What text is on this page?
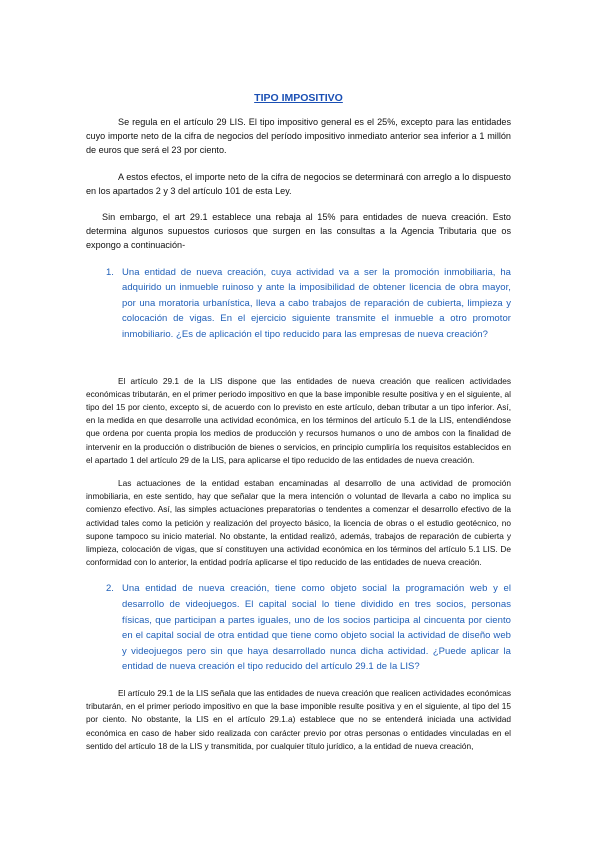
TIPO IMPOSITIVO

Se regula en el artículo 29 LIS. El tipo impositivo general es el 25%, excepto para las entidades cuyo importe neto de la cifra de negocios del período impositivo inmediato anterior sea inferior a 1 millón de euros que será el 23 por ciento.

A estos efectos, el importe neto de la cifra de negocios se determinará con arreglo a lo dispuesto en los apartados 2 y 3 del artículo 101 de esta Ley.

Sin embargo, el art 29.1 establece una rebaja al 15% para entidades de nueva creación. Esto determina algunos supuestos curiosos que surgen en las consultas a la Agencia Tributaria que os expongo a continuación-

1. Una entidad de nueva creación, cuya actividad va a ser la promoción inmobiliaria, ha adquirido un inmueble ruinoso y ante la imposibilidad de obtener licencia de obra mayor, por una moratoria urbanística, lleva a cabo trabajos de reparación de cubierta, limpieza y colocación de vigas. En el ejercicio siguiente transmite el inmueble a otro promotor inmobiliario. ¿Es de aplicación el tipo reducido para las empresas de nueva creación?

El artículo 29.1 de la LIS dispone que las entidades de nueva creación que realicen actividades económicas tributarán, en el primer periodo impositivo en que la base imponible resulte positiva y en el siguiente, al tipo del 15 por ciento, excepto si, de acuerdo con lo previsto en este artículo, deban tributar a un tipo inferior. Así, en la medida en que desarrolle una actividad económica, en los términos del artículo 5.1 de la LIS, entendiéndose que ordena por cuenta propia los medios de producción y recursos humanos o uno de ambos con la finalidad de intervenir en la producción o distribución de bienes o servicios, en principio cumpliría los requisitos establecidos en el apartado 1 del artículo 29 de la LIS, para aplicarse el tipo reducido de las entidades de nueva creación.

Las actuaciones de la entidad estaban encaminadas al desarrollo de una actividad de promoción inmobiliaria, en este sentido, hay que señalar que la mera intención o voluntad de llevarla a cabo no implica su comienzo efectivo. Así, las simples actuaciones preparatorias o tendentes a comenzar el desarrollo efectivo de la actividad tales como la petición y realización del proyecto básico, la licencia de obras o el estudio geotécnico, no supone tampoco su inicio material. No obstante, la entidad realizó, además, trabajos de reparación de cubierta y limpieza, colocación de vigas, que sí constituyen una actividad económica en los términos del artículo 5.1 LIS. De conformidad con lo anterior, la entidad podría aplicarse el tipo reducido de las entidades de nueva creación.

2. Una entidad de nueva creación, tiene como objeto social la programación web y el desarrollo de videojuegos. El capital social lo tiene dividido en tres socios, personas físicas, que participan a partes iguales, uno de los socios participa al cincuenta por ciento en el capital social de otra entidad que tiene como objeto social la actividad de diseño web y videojuegos pero sin que haya desarrollado nunca dicha actividad. ¿Puede aplicar la entidad de nueva creación el tipo reducido del artículo 29.1 de la LIS?

El artículo 29.1 de la LIS señala que las entidades de nueva creación que realicen actividades económicas tributarán, en el primer periodo impositivo en que la base imponible resulte positiva y en el siguiente, al tipo del 15 por ciento. No obstante, la LIS en el artículo 29.1.a) establece que no se entenderá iniciada una actividad económica en caso de haber sido realizada con carácter previo por otras personas o entidades vinculadas en el sentido del artículo 18 de la LIS y transmitida, por cualquier título jurídico, a la entidad de nueva creación,
